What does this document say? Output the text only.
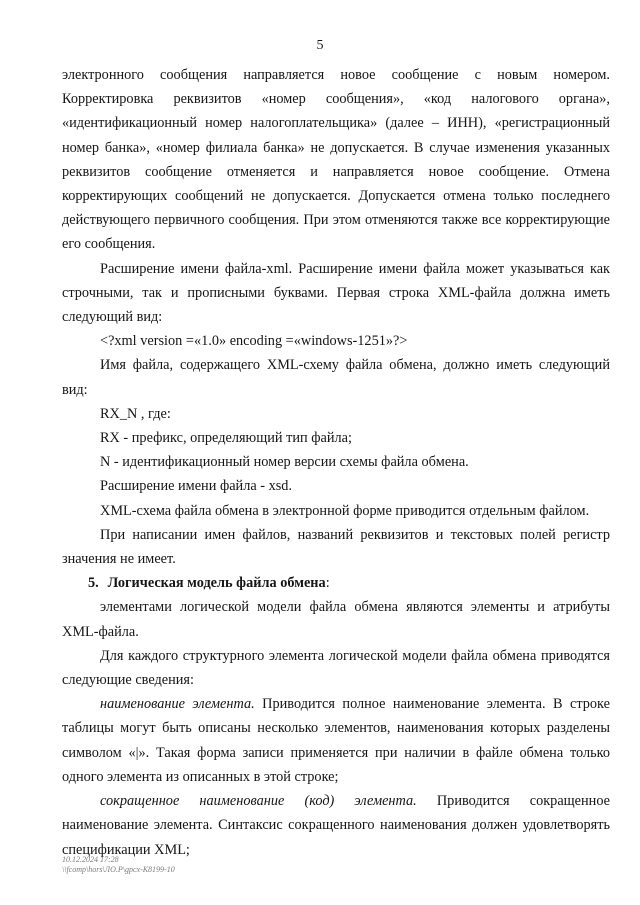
5

электронного сообщения направляется новое сообщение с новым номером. Корректировка реквизитов «номер сообщения», «код налогового органа», «идентификационный номер налогоплательщика» (далее – ИНН), «регистрационный номер банка», «номер филиала банка» не допускается. В случае изменения указанных реквизитов сообщение отменяется и направляется новое сообщение. Отмена корректирующих сообщений не допускается. Допускается отмена только последнего действующего первичного сообщения. При этом отменяются также все корректирующие его сообщения.

Расширение имени файла-xml. Расширение имени файла может указываться как строчными, так и прописными буквами. Первая строка XML-файла должна иметь следующий вид:

<?xml version =«1.0» encoding =«windows-1251»?>

Имя файла, содержащего XML-схему файла обмена, должно иметь следующий вид:

RX_N , где:

RX - префикс, определяющий тип файла;

N - идентификационный номер версии схемы файла обмена.

Расширение имени файла - xsd.

XML-схема файла обмена в электронной форме приводится отдельным файлом.

При написании имен файлов, названий реквизитов и текстовых полей регистр значения не имеет.

5. Логическая модель файла обмена:

элементами логической модели файла обмена являются элементы и атрибуты XML-файла.

Для каждого структурного элемента логической модели файла обмена приводятся следующие сведения:

наименование элемента. Приводится полное наименование элемента. В строке таблицы могут быть описаны несколько элементов, наименования которых разделены символом «|». Такая форма записи применяется при наличии в файле обмена только одного элемента из описанных в этой строке;

сокращенное наименование (код) элемента. Приводится сокращенное наименование элемента. Синтаксис сокращенного наименования должен удовлетворять спецификации XML;

10.12.2024 17:28
\\fcomp\hors\ЛО.Р\gpcx-К8199-10
